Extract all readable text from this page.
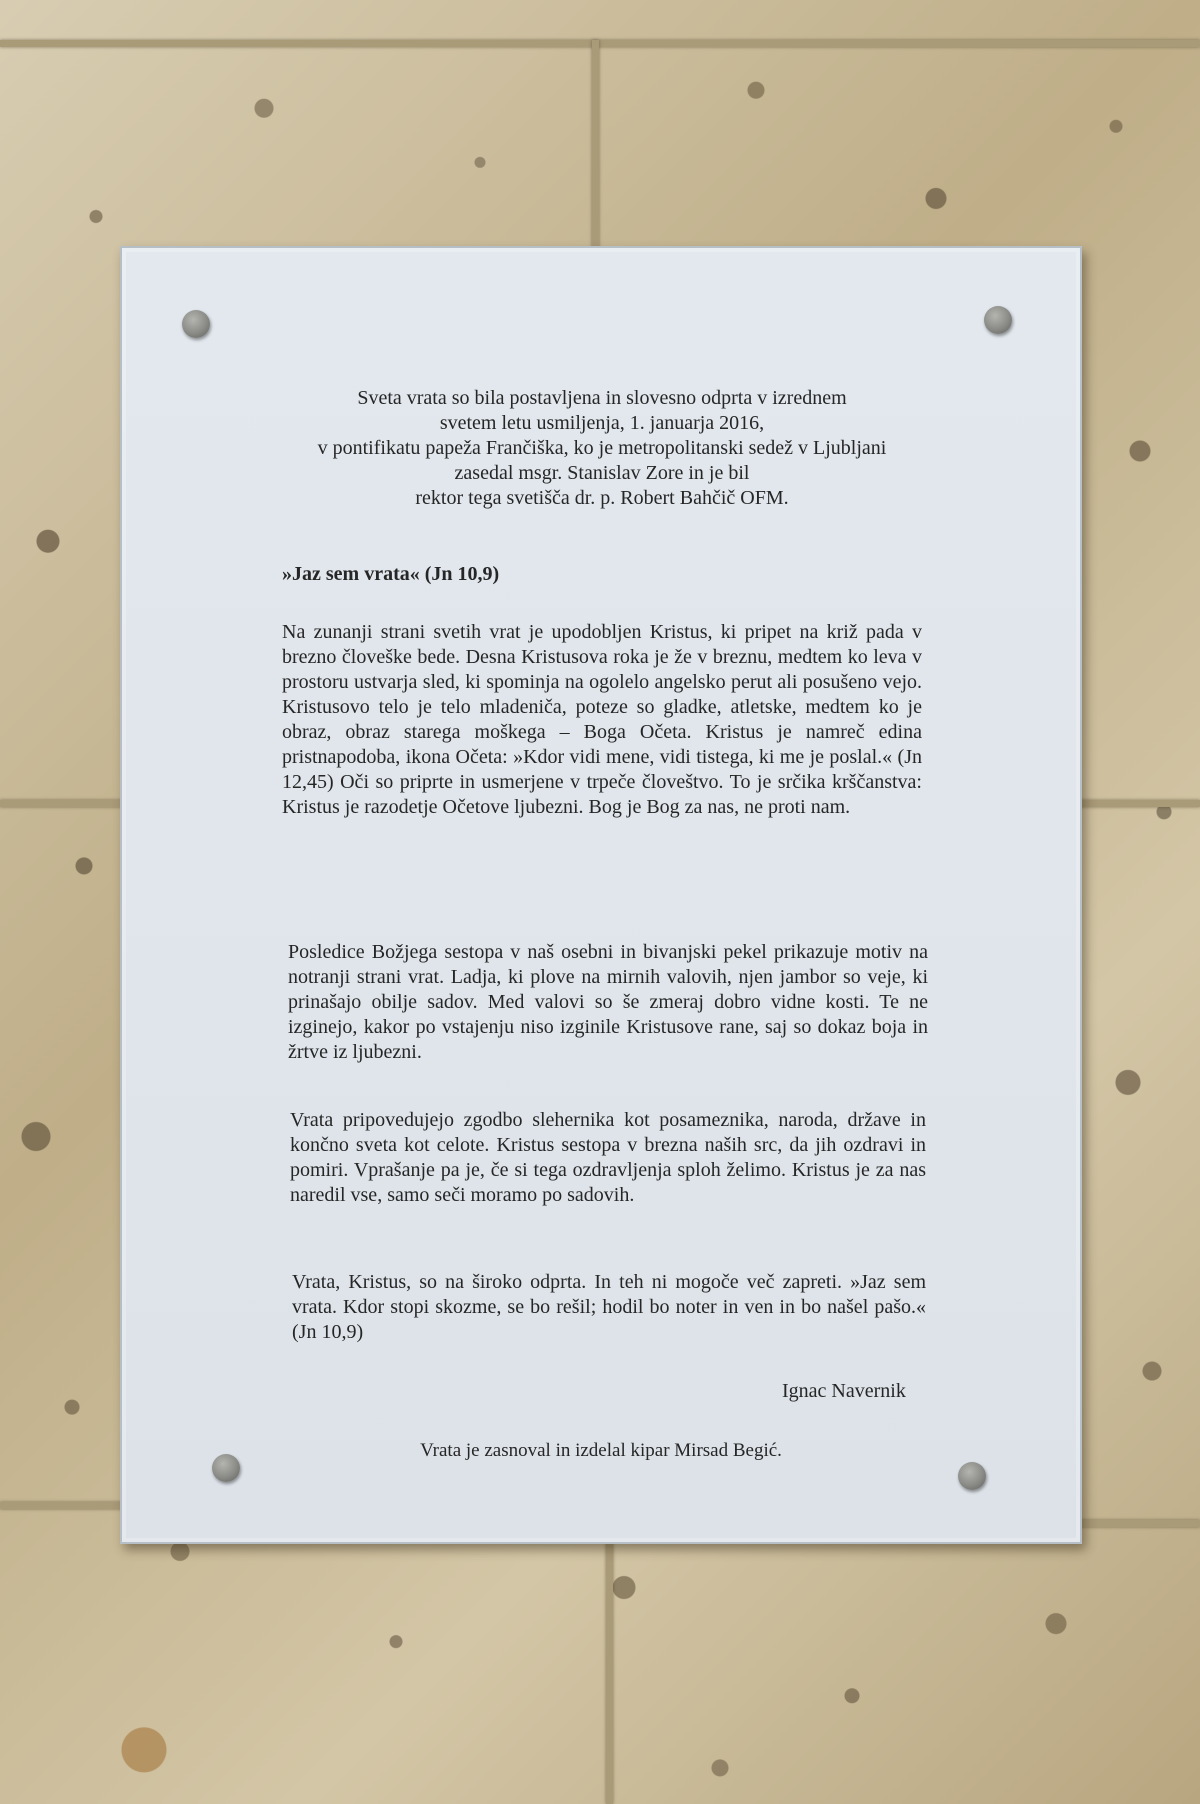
Sveta vrata so bila postavljena in slovesno odprta v izrednem
svetem letu usmiljenja, 1. januarja 2016,
v pontifikatu papeža Frančiška, ko je metropolitanski sedež v Ljubljani
zasedal msgr. Stanislav Zore in je bil
rektor tega svetišča dr. p. Robert Bahčič OFM.

»Jaz sem vrata« (Jn 10,9)

Na zunanji strani svetih vrat je upodobljen Kristus, ki pripet na križ pada v brezno človeške bede. Desna Kristusova roka je že v breznu, medtem ko leva v prostoru ustvarja sled, ki spominja na ogolelo angelsko perut ali posušeno vejo. Kristusovo telo je telo mladeniča, poteze so gladke, atletske, medtem ko je obraz, obraz starega moškega – Boga Očeta. Kristus je namreč edina pristnapodoba, ikona Očeta: »Kdor vidi mene, vidi tistega, ki me je poslal.« (Jn 12,45) Oči so priprte in usmerjene v trpeče človeštvo. To je srčika krščanstva: Kristus je razodetje Očetove ljubezni. Bog je Bog za nas, ne proti nam.

Posledice Božjega sestopa v naš osebni in bivanjski pekel prikazuje motiv na notranji strani vrat. Ladja, ki plove na mirnih valovih, njen jambor so veje, ki prinašajo obilje sadov. Med valovi so še zmeraj dobro vidne kosti. Te ne izginejo, kakor po vstajenju niso izginile Kristusove rane, saj so dokaz boja in žrtve iz ljubezni.

Vrata pripovedujejo zgodbo slehernika kot posameznika, naroda, države in končno sveta kot celote. Kristus sestopa v brezna naših src, da jih ozdravi in pomiri. Vprašanje pa je, če si tega ozdravljenja sploh želimo. Kristus je za nas naredil vse, samo seči moramo po sadovih.

Vrata, Kristus, so na široko odprta. In teh ni mogoče več zapreti. »Jaz sem vrata. Kdor stopi skozme, se bo rešil; hodil bo noter in ven in bo našel pašo.« (Jn 10,9)

Ignac Navernik

Vrata je zasnoval in izdelal kipar Mirsad Begić.
